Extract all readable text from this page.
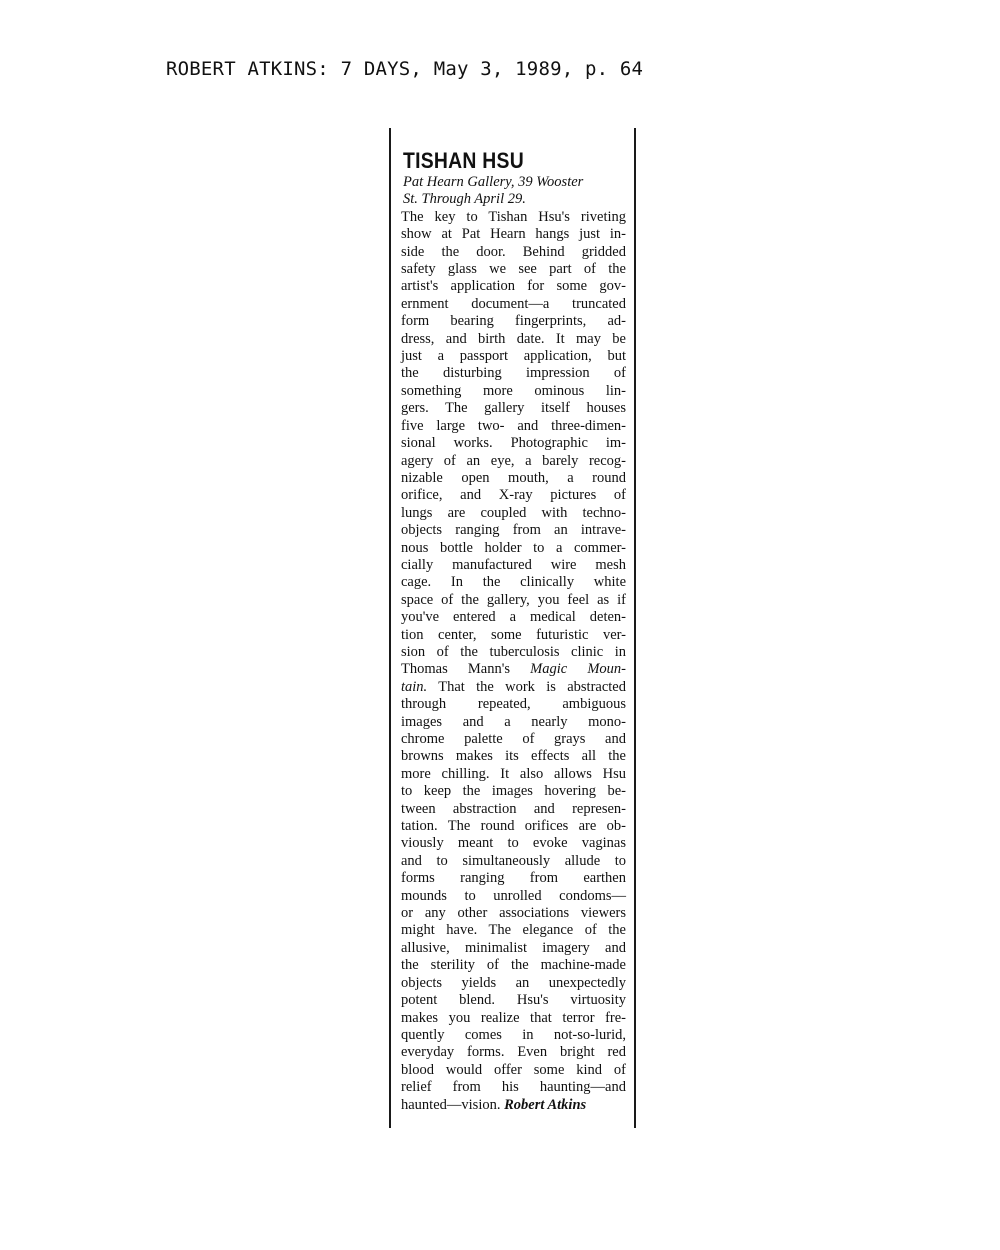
ROBERT ATKINS: 7 DAYS, May 3, 1989, p. 64
TISHAN HSU
Pat Hearn Gallery, 39 Wooster
St. Through April 29.
The key to Tishan Hsu's riveting
show at Pat Hearn hangs just in-
side the door. Behind gridded
safety glass we see part of the
artist's application for some gov-
ernment document—a truncated
form bearing fingerprints, ad-
dress, and birth date. It may be
just a passport application, but
the disturbing impression of
something more ominous lin-
gers. The gallery itself houses
five large two- and three-dimen-
sional works. Photographic im-
agery of an eye, a barely recog-
nizable open mouth, a round
orifice, and X-ray pictures of
lungs are coupled with techno-
objects ranging from an intrave-
nous bottle holder to a commer-
cially manufactured wire mesh
cage. In the clinically white
space of the gallery, you feel as if
you've entered a medical deten-
tion center, some futuristic ver-
sion of the tuberculosis clinic in
Thomas Mann's Magic Moun-
tain. That the work is abstracted
through repeated, ambiguous
images and a nearly mono-
chrome palette of grays and
browns makes its effects all the
more chilling. It also allows Hsu
to keep the images hovering be-
tween abstraction and represen-
tation. The round orifices are ob-
viously meant to evoke vaginas
and to simultaneously allude to
forms ranging from earthen
mounds to unrolled condoms—
or any other associations viewers
might have. The elegance of the
allusive, minimalist imagery and
the sterility of the machine-made
objects yields an unexpectedly
potent blend. Hsu's virtuosity
makes you realize that terror fre-
quently comes in not-so-lurid,
everyday forms. Even bright red
blood would offer some kind of
relief from his haunting—and
haunted—vision. Robert Atkins
